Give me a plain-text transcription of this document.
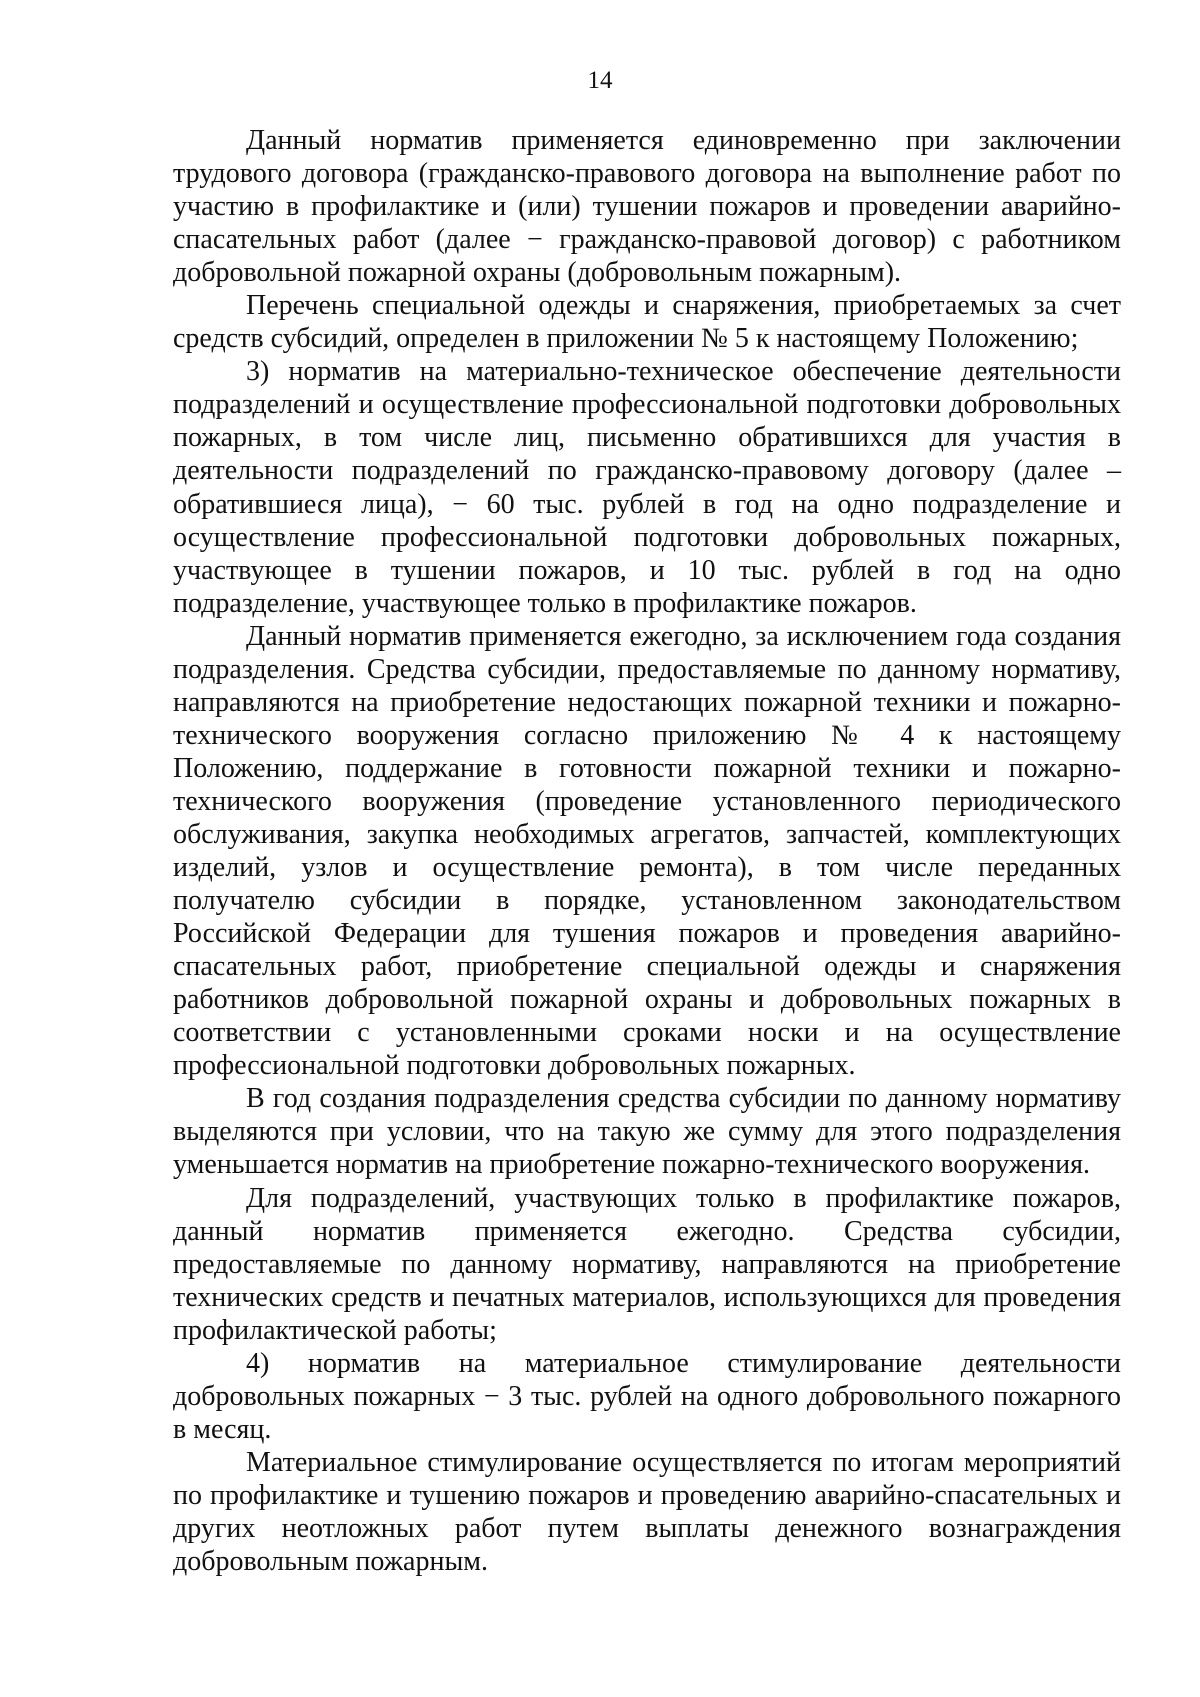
14

Данный норматив применяется единовременно при заключении трудового договора (гражданско-правового договора на выполнение работ по участию в профилактике и (или) тушении пожаров и проведении аварийно-спасательных работ (далее − гражданско-правовой договор) с работником добровольной пожарной охраны (добровольным пожарным).

Перечень специальной одежды и снаряжения, приобретаемых за счет средств субсидий, определен в приложении № 5 к настоящему Положению;

3) норматив на материально-техническое обеспечение деятельности подразделений и осуществление профессиональной подготовки добровольных пожарных, в том числе лиц, письменно обратившихся для участия в деятельности подразделений по гражданско-правовому договору (далее – обратившиеся лица), − 60 тыс. рублей в год на одно подразделение и осуществление профессиональной подготовки добровольных пожарных, участвующее в тушении пожаров, и 10 тыс. рублей в год на одно подразделение, участвующее только в профилактике пожаров.

Данный норматив применяется ежегодно, за исключением года создания подразделения. Средства субсидии, предоставляемые по данному нормативу, направляются на приобретение недостающих пожарной техники и пожарно-технического вооружения согласно приложению № 4 к настоящему Положению, поддержание в готовности пожарной техники и пожарно-технического вооружения (проведение установленного периодического обслуживания, закупка необходимых агрегатов, запчастей, комплектующих изделий, узлов и осуществление ремонта), в том числе переданных получателю субсидии в порядке, установленном законодательством Российской Федерации для тушения пожаров и проведения аварийно-спасательных работ, приобретение специальной одежды и снаряжения работников добровольной пожарной охраны и добровольных пожарных в соответствии с установленными сроками носки и на осуществление профессиональной подготовки добровольных пожарных.

В год создания подразделения средства субсидии по данному нормативу выделяются при условии, что на такую же сумму для этого подразделения уменьшается норматив на приобретение пожарно-технического вооружения.

Для подразделений, участвующих только в профилактике пожаров, данный норматив применяется ежегодно. Средства субсидии, предоставляемые по данному нормативу, направляются на приобретение технических средств и печатных материалов, использующихся для проведения профилактической работы;

4) норматив на материальное стимулирование деятельности добровольных пожарных − 3 тыс. рублей на одного добровольного пожарного в месяц.

Материальное стимулирование осуществляется по итогам мероприятий по профилактике и тушению пожаров и проведению аварийно-спасательных и других неотложных работ путем выплаты денежного вознаграждения добровольным пожарным.
